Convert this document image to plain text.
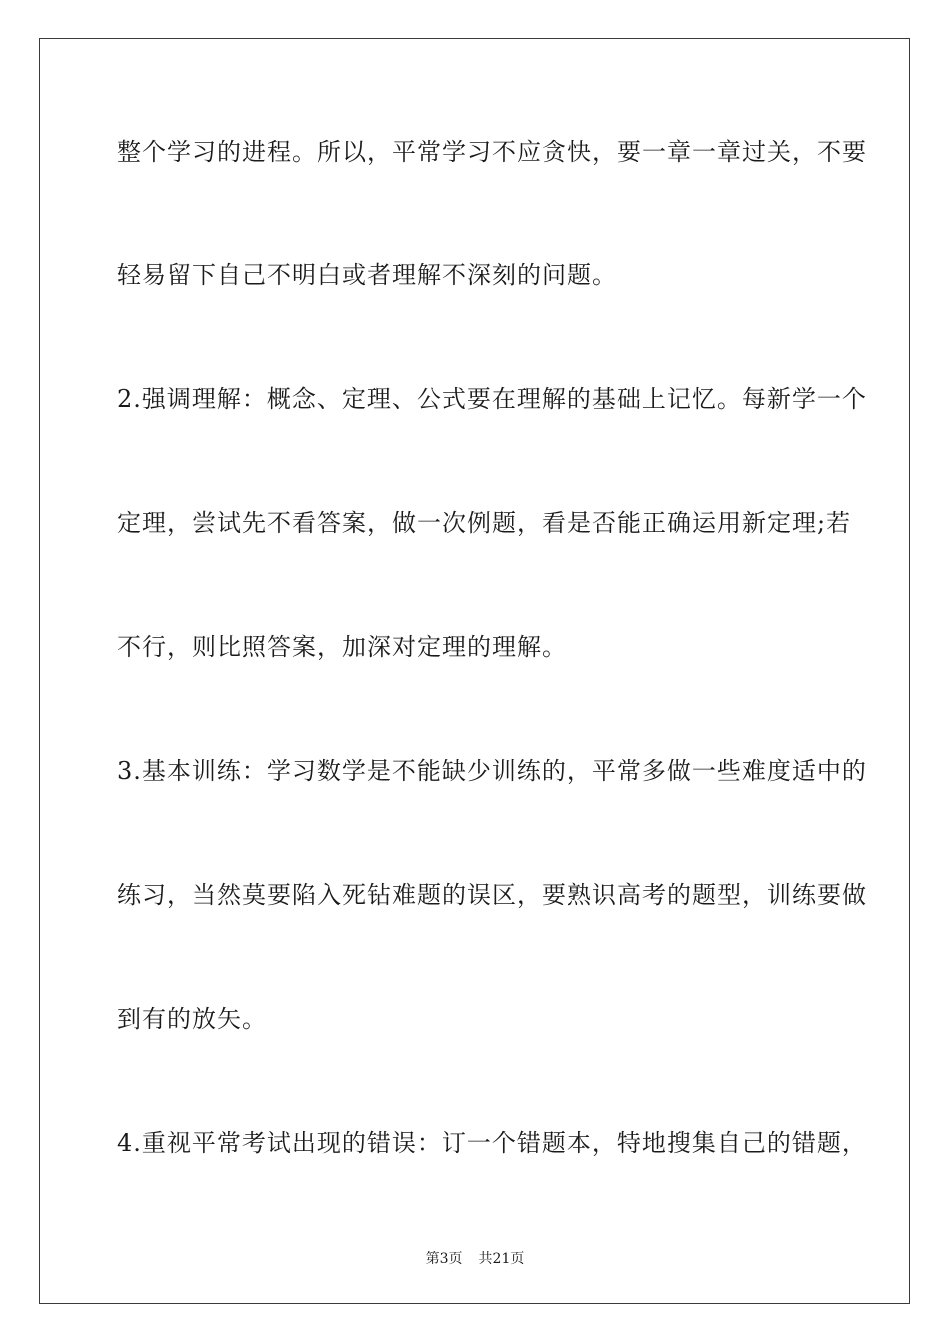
整个学习的进程。所以，平常学习不应贪快，要一章一章过关，不要
轻易留下自己不明白或者理解不深刻的问题。
2.强调理解：概念、定理、公式要在理解的基础上记忆。每新学一个
定理，尝试先不看答案，做一次例题，看是否能正确运用新定理;若
不行，则比照答案，加深对定理的理解。
3.基本训练：学习数学是不能缺少训练的，平常多做一些难度适中的
练习，当然莫要陷入死钻难题的误区，要熟识高考的题型，训练要做
到有的放矢。
4.重视平常考试出现的错误：订一个错题本，特地搜集自己的错题，
第3页 共21页
